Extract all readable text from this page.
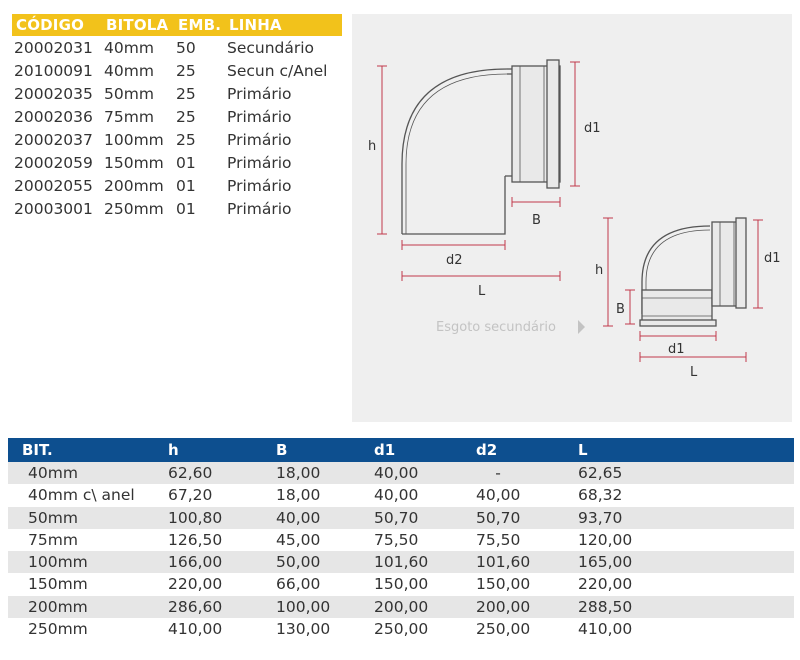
CÓDIGO	BITOLA EMB. LINHA
20002031 40mm	50	Secundário
20100091 40mm	25	Secun c/Anel
20002035 50mm	25	Primário
20002036 75mm	25	Primário
20002037 100mm 25	Primário
20002059 150mm 01	Primário
20002055 200mm 01	Primário
20003001 250mm 01	Primário
h
d1
B
d2
L
Esgoto secundário
h
d1
B
d1
L
BIT.	h	B	d1	d2	L
40mm	62,60	18,00	40,00	-	62,65
40mm c\ anel	67,20	18,00	40,00	40,00	68,32
50mm	100,80	40,00	50,70	50,70	93,70
75mm	126,50	45,00	75,50	75,50	120,00
100mm	166,00	50,00	101,60	101,60	165,00
150mm	220,00	66,00	150,00	150,00	220,00
200mm	286,60	100,00	200,00	200,00	288,50
250mm	410,00	130,00	250,00	250,00	410,00
